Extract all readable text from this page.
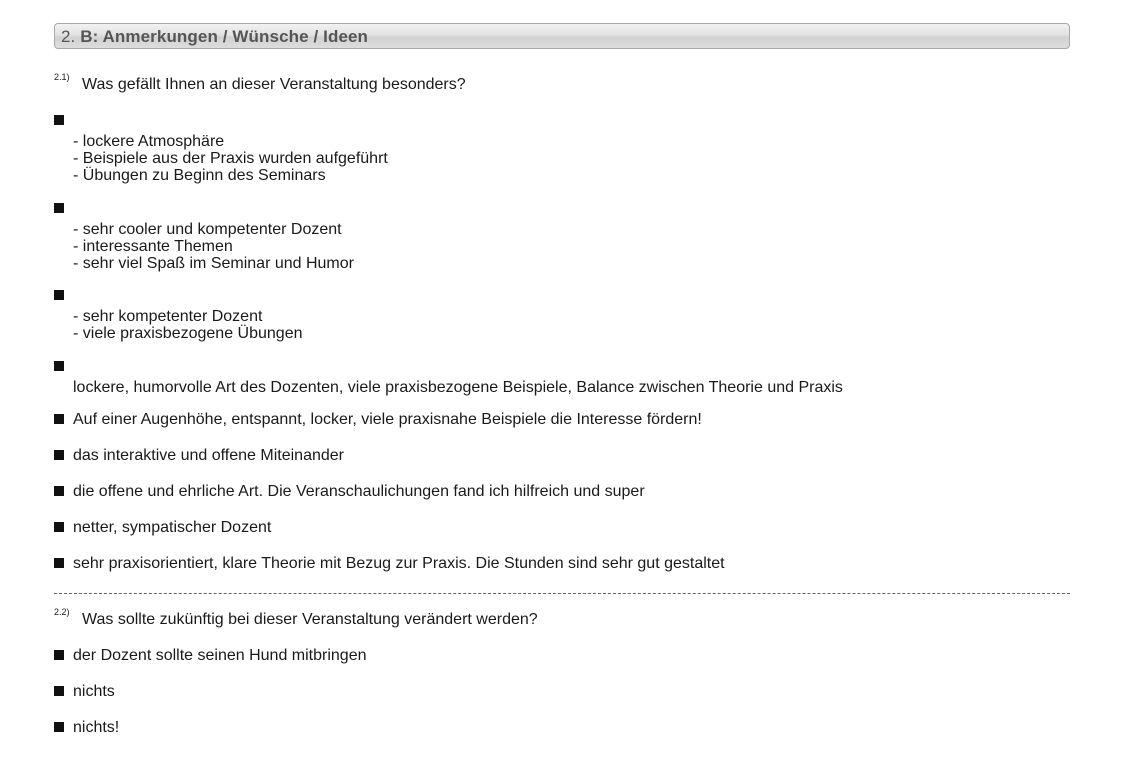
2. B: Anmerkungen / Wünsche / Ideen
2.1) Was gefällt Ihnen an dieser Veranstaltung besonders?
- lockere Atmosphäre
- Beispiele aus der Praxis wurden aufgeführt
- Übungen zu Beginn des Seminars
- sehr cooler und kompetenter Dozent
- interessante Themen
- sehr viel Spaß im Seminar und Humor
- sehr kompetenter Dozent
- viele praxisbezogene Übungen
lockere, humorvolle Art des Dozenten, viele praxisbezogene Beispiele, Balance zwischen Theorie und Praxis
Auf einer Augenhöhe, entspannt, locker, viele praxisnahe Beispiele die Interesse fördern!
das interaktive und offene Miteinander
die offene und ehrliche Art. Die Veranschaulichungen fand ich hilfreich und super
netter, sympatischer Dozent
sehr praxisorientiert, klare Theorie mit Bezug zur Praxis. Die Stunden sind sehr gut gestaltet
2.2) Was sollte zukünftig bei dieser Veranstaltung verändert werden?
der Dozent sollte seinen Hund mitbringen
nichts
nichts!
